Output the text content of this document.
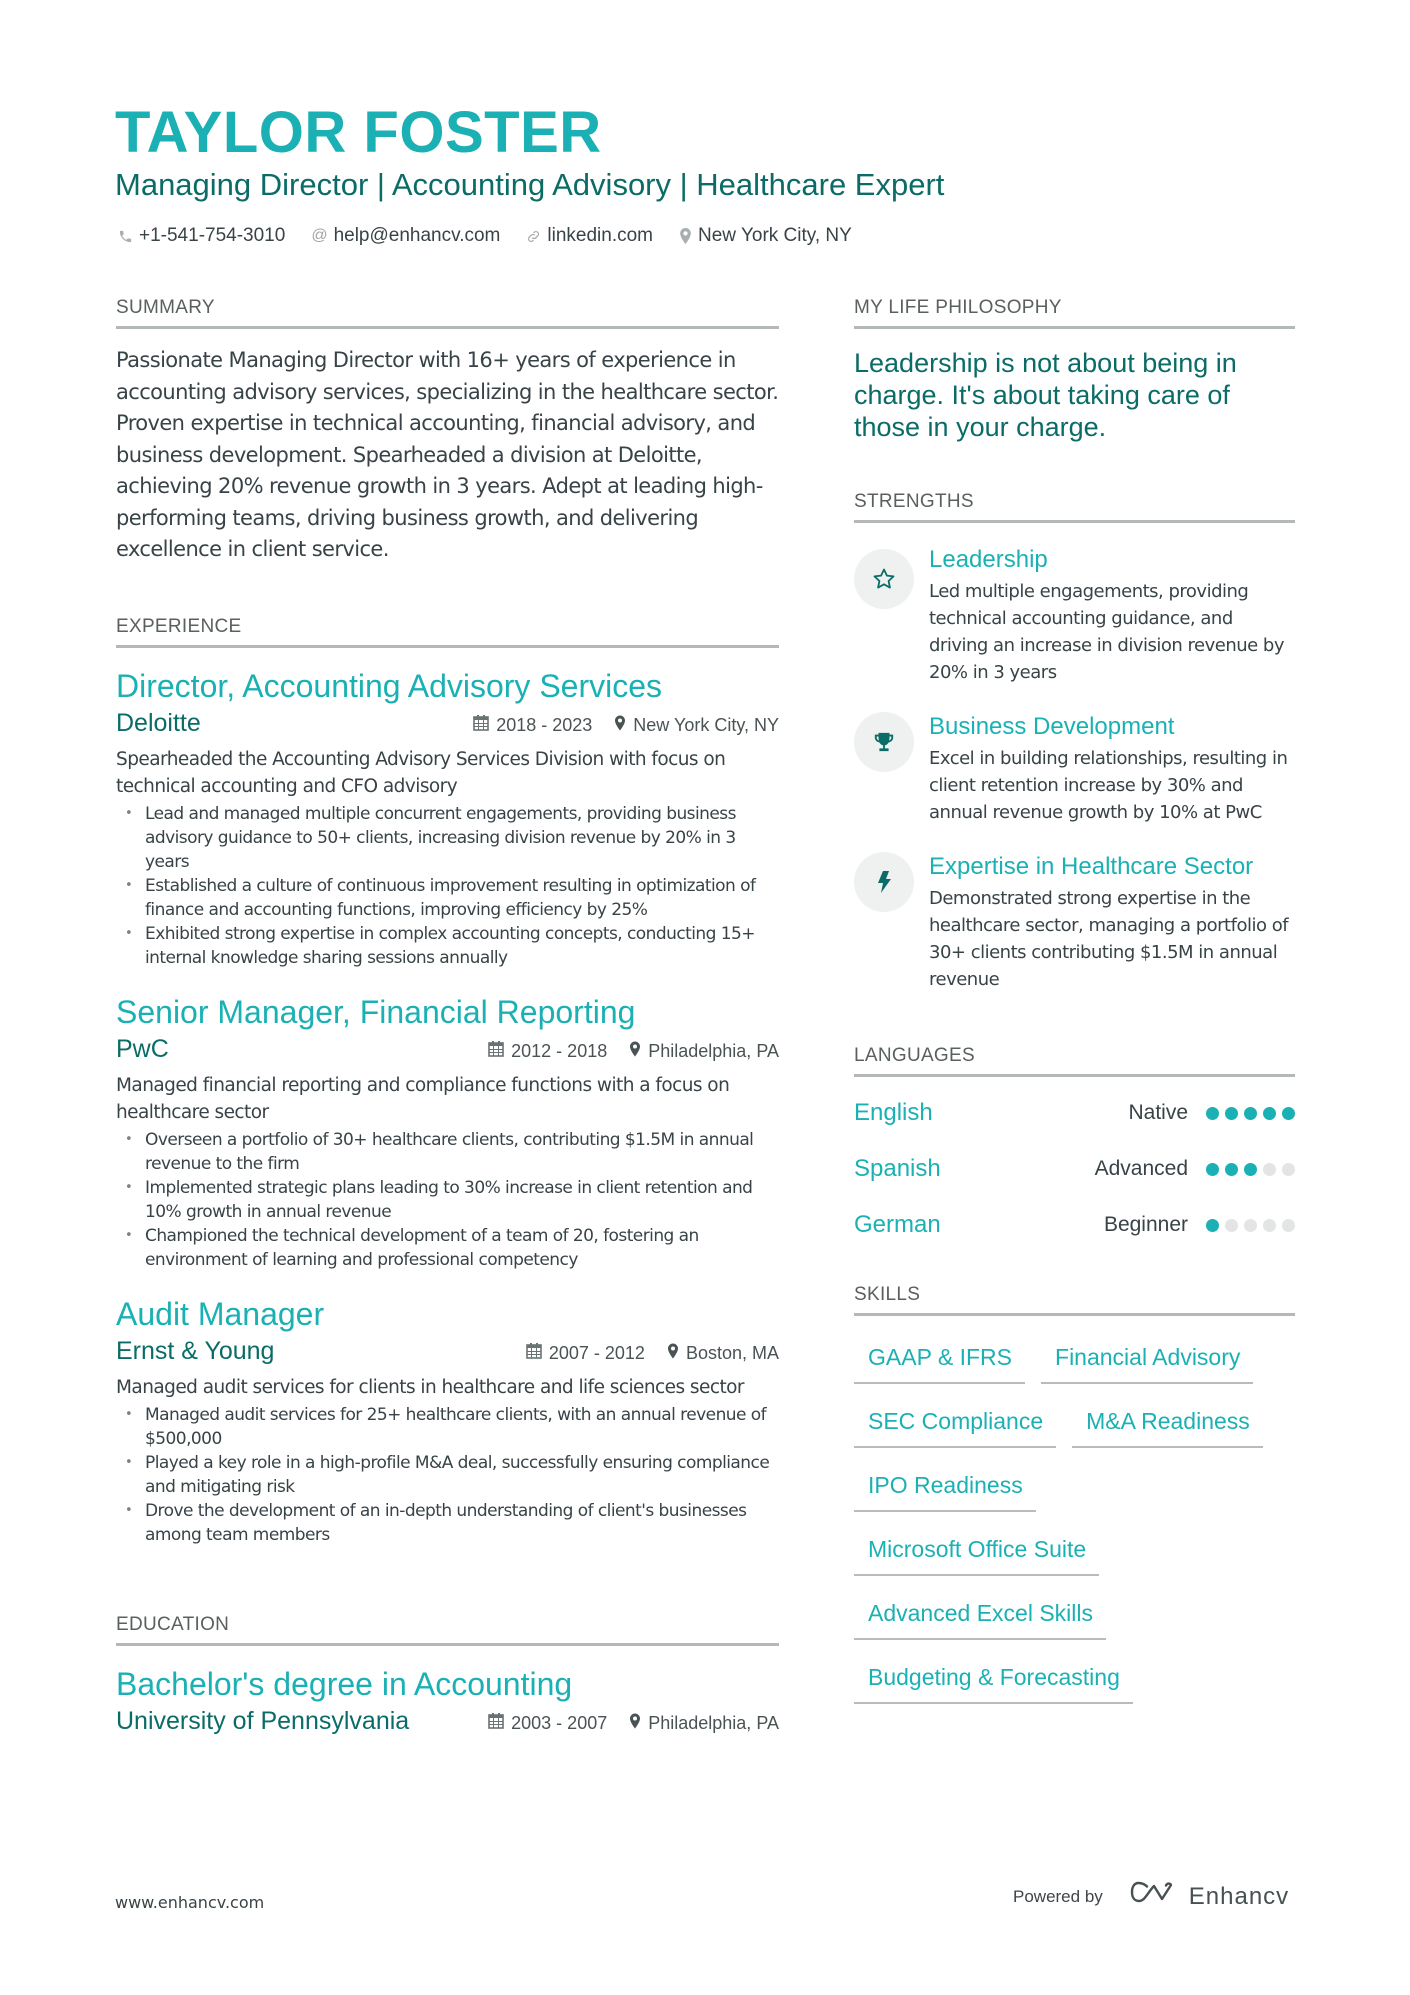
TAYLOR FOSTER
Managing Director | Accounting Advisory | Healthcare Expert
+1-541-754-3010 @ help@enhancv.com linkedin.com New York City, NY
SUMMARY

Passionate Managing Director with 16+ years of experience in accounting advisory services, specializing in the healthcare sector. Proven expertise in technical accounting, financial advisory, and business development. Spearheaded a division at Deloitte, achieving 20% revenue growth in 3 years. Adept at leading high-performing teams, driving business growth, and delivering excellence in client service.

EXPERIENCE
Director, Accounting Advisory Services
Deloitte	2018 - 2023 New York City, NY

Spearheaded the Accounting Advisory Services Division with focus on technical accounting and CFO advisory

• Lead and managed multiple concurrent engagements, providing business advisory guidance to 50+ clients, increasing division revenue by 20% in 3 years
• Established a culture of continuous improvement resulting in optimization of finance and accounting functions, improving efficiency by 25%
• Exhibited strong expertise in complex accounting concepts, conducting 15+ internal knowledge sharing sessions annually
Senior Manager, Financial Reporting
PwC	2012 - 2018 Philadelphia, PA

Managed financial reporting and compliance functions with a focus on healthcare sector

• Overseen a portfolio of 30+ healthcare clients, contributing $1.5M in annual revenue to the firm
• Implemented strategic plans leading to 30% increase in client retention and 10% growth in annual revenue
• Championed the technical development of a team of 20, fostering an environment of learning and professional competency
Audit Manager
Ernst & Young	2007 - 2012 Boston, MA

Managed audit services for clients in healthcare and life sciences sector

• Managed audit services for 25+ healthcare clients, with an annual revenue of $500,000
• Played a key role in a high-profile M&A deal, successfully ensuring compliance and mitigating risk
• Drove the development of an in-depth understanding of client's businesses among team members
EDUCATION
Bachelor's degree in Accounting
University of Pennsylvania	2003 - 2007 Philadelphia, PA
MY LIFE PHILOSOPHY

Leadership is not about being in charge. It's about taking care of those in your charge.

STRENGTHS
Leadership

Led multiple engagements, providing technical accounting guidance, and driving an increase in division revenue by 20% in 3 years

Business Development

Excel in building relationships, resulting in client retention increase by 30% and annual revenue growth by 10% at PwC

Expertise in Healthcare Sector

Demonstrated strong expertise in the healthcare sector, managing a portfolio of 30+ clients contributing $1.5M in annual revenue

LANGUAGES
English	Native
Spanish	Advanced
German	Beginner
SKILLS
GAAP & IFRS	Financial Advisory
SEC Compliance	M&A Readiness
IPO Readiness
Microsoft Office Suite
Advanced Excel Skills
Budgeting & Forecasting
www.enhancv.com	Powered by	Enhancv
